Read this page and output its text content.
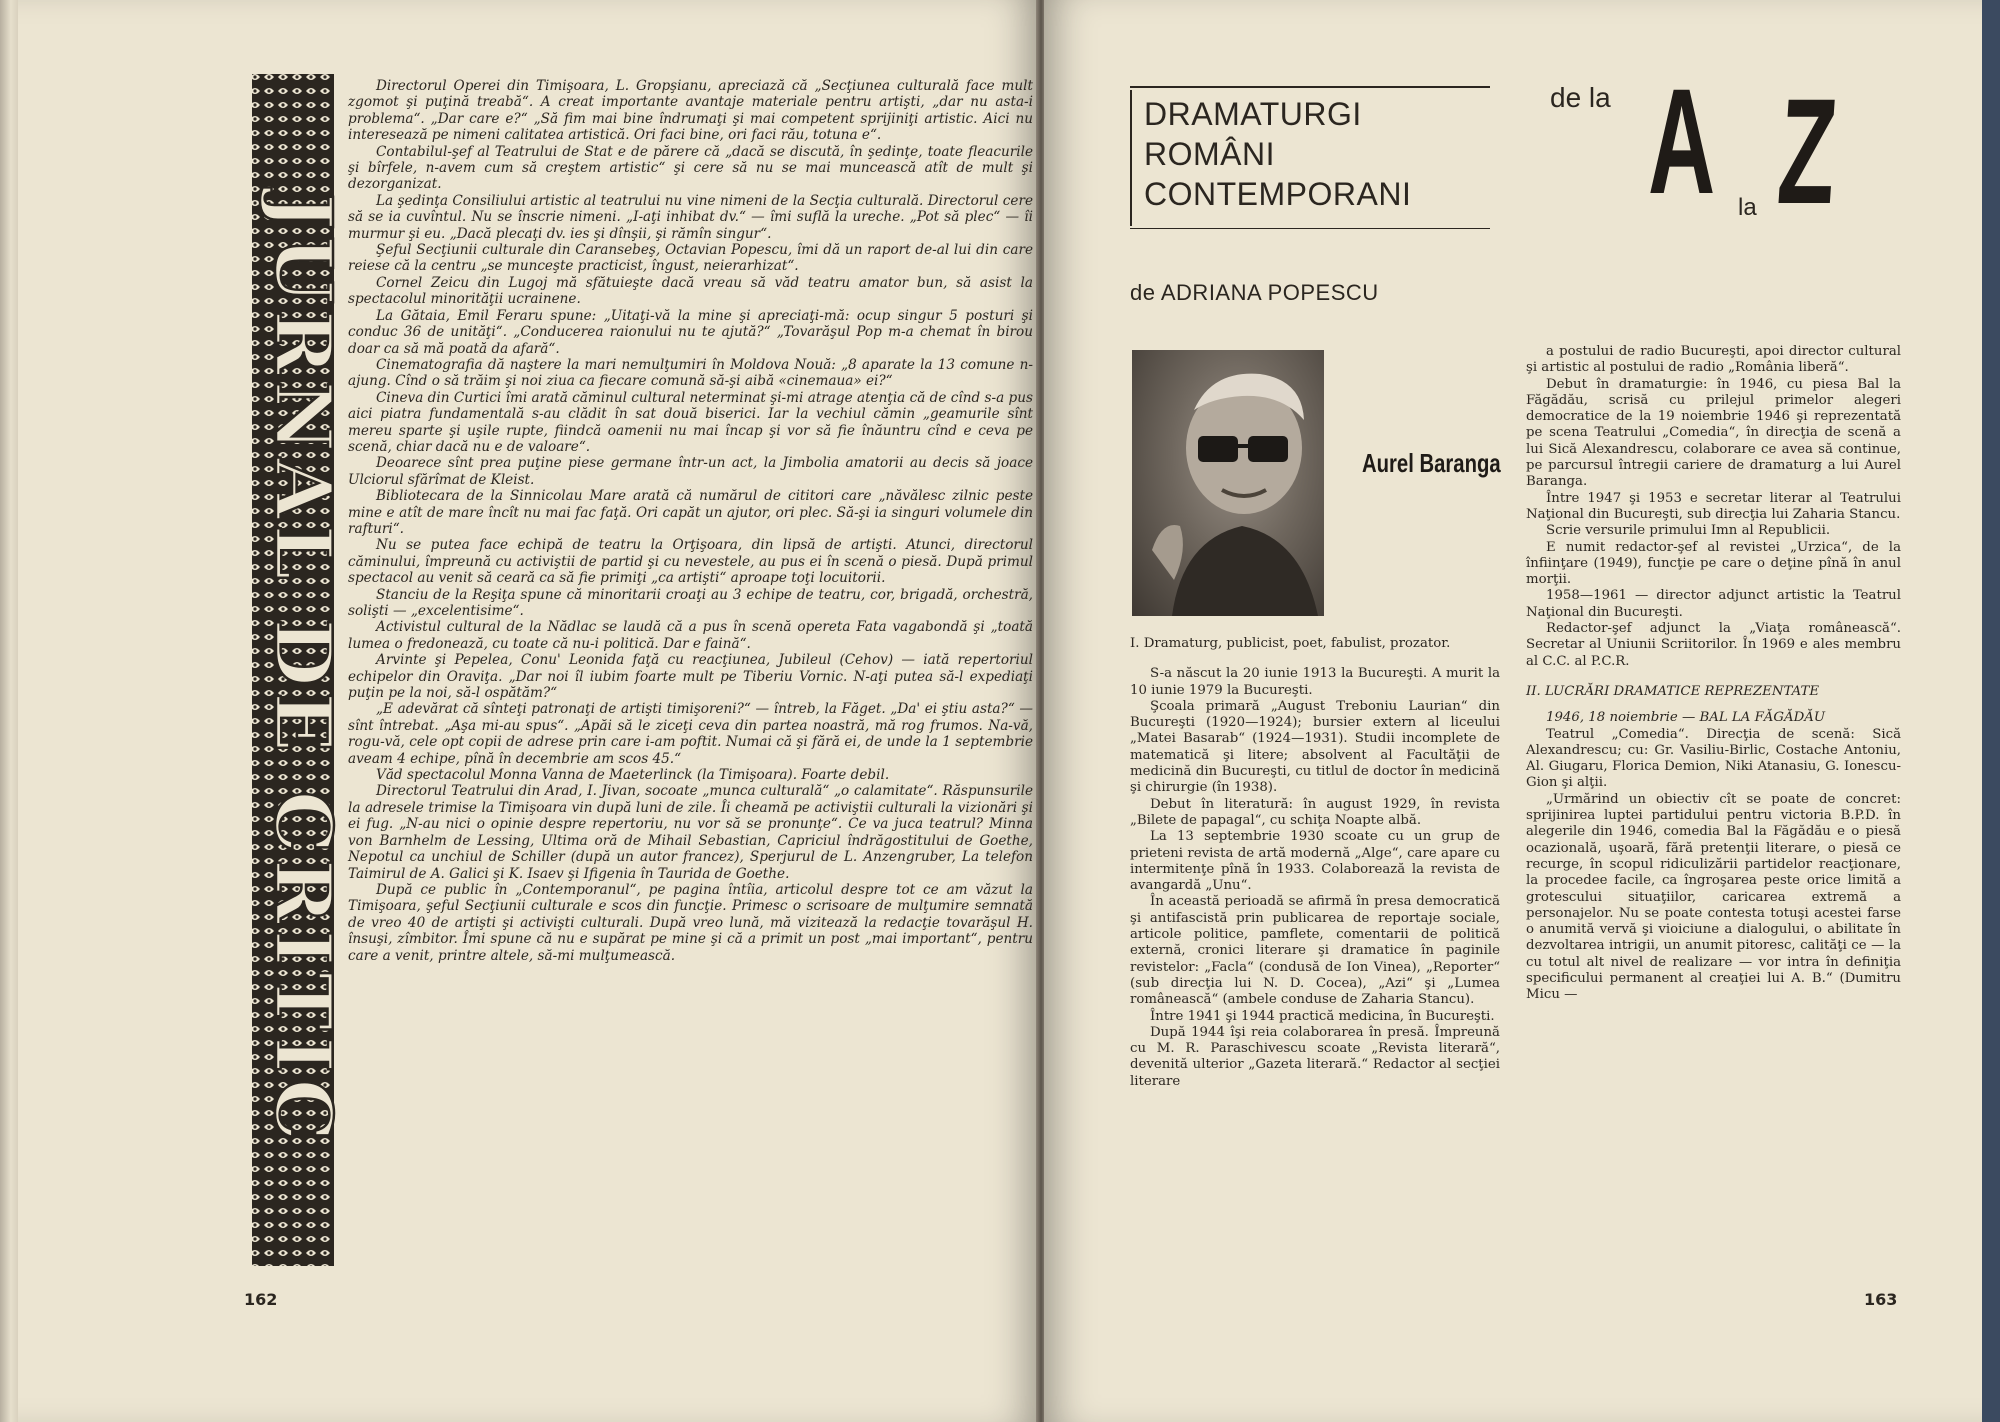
JURNAL DE CRITIC

Directorul Operei din Timişoara, L. Gropşianu, apreciază că „Secţiunea culturală face mult zgomot şi puţină treabă“. A creat importante avantaje materiale pentru artişti, „dar nu asta-i problema“. „Dar care e?“ „Să fim mai bine îndrumaţi şi mai competent sprijiniţi artistic. Aici nu interesează pe nimeni calitatea artistică. Ori faci bine, ori faci rău, totuna e“.

Contabilul-şef al Teatrului de Stat e de părere că „dacă se discută, în şedinţe, toate fleacurile şi bîrfele, n-avem cum să creştem artistic“ şi cere să nu se mai muncească atît de mult şi dezorganizat.

La şedinţa Consiliului artistic al teatrului nu vine nimeni de la Secţia culturală. Directorul cere să se ia cuvîntul. Nu se înscrie nimeni. „I-aţi inhibat dv.“ — îmi suflă la ureche. „Pot să plec“ — îi murmur şi eu. „Dacă plecaţi dv. ies şi dînşii, şi rămîn singur“.

Şeful Secţiunii culturale din Caransebeş, Octavian Popescu, îmi dă un raport de-al lui din care reiese că la centru „se munceşte practicist, îngust, neierarhizat“.

Cornel Zeicu din Lugoj mă sfătuieşte dacă vreau să văd teatru amator bun, să asist la spectacolul minorităţii ucrainene.

La Gătaia, Emil Feraru spune: „Uitaţi-vă la mine şi apreciaţi-mă: ocup singur 5 posturi şi conduc 36 de unităţi“. „Conducerea raionului nu te ajută?“ „Tovarăşul Pop m-a chemat în birou doar ca să mă poată da afară“.

Cinematografia dă naştere la mari nemulţumiri în Moldova Nouă: „8 aparate la 13 comune n-ajung. Cînd o să trăim şi noi ziua ca fiecare comună să-şi aibă «cinemaua» ei?“

Cineva din Curtici îmi arată căminul cultural neterminat şi-mi atrage atenţia că de cînd s-a pus aici piatra fundamentală s-au clădit în sat două biserici. Iar la vechiul cămin „geamurile sînt mereu sparte şi uşile rupte, fiindcă oamenii nu mai încap şi vor să fie înăuntru cînd e ceva pe scenă, chiar dacă nu e de valoare“.

Deoarece sînt prea puţine piese germane într-un act, la Jimbolia amatorii au decis să joace Ulciorul sfărîmat de Kleist.

Bibliotecara de la Sinnicolau Mare arată că numărul de cititori care „năvălesc zilnic peste mine e atît de mare încît nu mai fac faţă. Ori capăt un ajutor, ori plec. Să-şi ia singuri volumele din rafturi“.

Nu se putea face echipă de teatru la Orţişoara, din lipsă de artişti. Atunci, directorul căminului, împreună cu activiştii de partid şi cu nevestele, au pus ei în scenă o piesă. După primul spectacol au venit să ceară ca să fie primiţi „ca artişti“ aproape toţi locuitorii.

Stanciu de la Reşiţa spune că minoritarii croaţi au 3 echipe de teatru, cor, brigadă, orchestră, solişti — „excelentisime“.

Activistul cultural de la Nădlac se laudă că a pus în scenă opereta Fata vagabondă şi „toată lumea o fredonează, cu toate că nu-i politică. Dar e faină“.

Arvinte şi Pepelea, Conu' Leonida faţă cu reacţiunea, Jubileul (Cehov) — iată repertoriul echipelor din Oraviţa. „Dar noi îl iubim foarte mult pe Tiberiu Vornic. N-aţi putea să-l expediaţi puţin pe la noi, să-l ospătăm?“

„E adevărat că sînteţi patronaţi de artişti timişoreni?“ — întreb, la Făget. „Da' ei ştiu asta?“ — sînt întrebat. „Aşa mi-au spus“. „Apăi să le ziceţi ceva din partea noastră, mă rog frumos. Na-vă, rogu-vă, cele opt copii de adrese prin care i-am poftit. Numai că şi fără ei, de unde la 1 septembrie aveam 4 echipe, pînă în decembrie am scos 45.“

Văd spectacolul Monna Vanna de Maeterlinck (la Timişoara). Foarte debil.

Directorul Teatrului din Arad, I. Jivan, socoate „munca culturală“ „o calamitate“. Răspunsurile la adresele trimise la Timişoara vin după luni de zile. Îi cheamă pe activiştii culturali la vizionări şi ei fug. „N-au nici o opinie despre repertoriu, nu vor să se pronunţe“. Ce va juca teatrul? Minna von Barnhelm de Lessing, Ultima oră de Mihail Sebastian, Capriciul îndrăgostitului de Goethe, Nepotul ca unchiul de Schiller (după un autor francez), Sperjurul de L. Anzengruber, La telefon Taimirul de A. Galici şi K. Isaev şi Ifigenia în Taurida de Goethe.

După ce public în „Contemporanul“, pe pagina întîia, articolul despre tot ce am văzut la Timişoara, şeful Secţiunii culturale e scos din funcţie. Primesc o scrisoare de mulţumire semnată de vreo 40 de artişti şi activişti culturali. După vreo lună, mă vizitează la redacţie tovarăşul H. însuşi, zîmbitor. Îmi spune că nu e supărat pe mine şi că a primit un post „mai important“, pentru care a venit, printre altele, să-mi mulţumească.

162
DRAMATURGI
ROMÂNI
CONTEMPORANI
de la A la Z
de ADRIANA POPESCU
Aurel Baranga

I. Dramaturg, publicist, poet, fabulist, prozator.

S-a născut la 20 iunie 1913 la Bucureşti. A murit la 10 iunie 1979 la Bucureşti.

Şcoala primară „August Treboniu Laurian“ din Bucureşti (1920—1924); bursier extern al liceului „Matei Basarab“ (1924—1931). Studii incomplete de matematică şi litere; absolvent al Facultăţii de medicină din Bucureşti, cu titlul de doctor în medicină şi chirurgie (în 1938).

Debut în literatură: în august 1929, în revista „Bilete de papagal“, cu schiţa Noapte albă.

La 13 septembrie 1930 scoate cu un grup de prieteni revista de artă modernă „Alge“, care apare cu intermitenţe pînă în 1933. Colaborează la revista de avangardă „Unu“.

În această perioadă se afirmă în presa democratică şi antifascistă prin publicarea de reportaje sociale, articole politice, pamflete, comentarii de politică externă, cronici literare şi dramatice în paginile revistelor: „Facla“ (condusă de Ion Vinea), „Reporter“ (sub direcţia lui N. D. Cocea), „Azi“ şi „Lumea românească“ (ambele conduse de Zaharia Stancu).

Între 1941 şi 1944 practică medicina, în Bucureşti.

După 1944 îşi reia colaborarea în presă. Împreună cu M. R. Paraschivescu scoate „Revista literară“, devenită ulterior „Gazeta literară.“ Redactor al secţiei literare

a postului de radio Bucureşti, apoi director cultural şi artistic al postului de radio „România liberă“.

Debut în dramaturgie: în 1946, cu piesa Bal la Făgădău, scrisă cu prilejul primelor alegeri democratice de la 19 noiembrie 1946 şi reprezentată pe scena Teatrului „Comedia“, în direcţia de scenă a lui Sică Alexandrescu, colaborare ce avea să continue, pe parcursul întregii cariere de dramaturg a lui Aurel Baranga.

Între 1947 şi 1953 e secretar literar al Teatrului Naţional din Bucureşti, sub direcţia lui Zaharia Stancu.

Scrie versurile primului Imn al Republicii.

E numit redactor-şef al revistei „Urzica“, de la înfiinţare (1949), funcţie pe care o deţine pînă în anul morţii.

1958—1961 — director adjunct artistic la Teatrul Naţional din Bucureşti.

Redactor-şef adjunct la „Viaţa românească“. Secretar al Uniunii Scriitorilor. În 1969 e ales membru al C.C. al P.C.R.

II. LUCRĂRI DRAMATICE REPREZENTATE

1946, 18 noiembrie — BAL LA FĂGĂDĂU

Teatrul „Comedia“. Direcţia de scenă: Sică Alexandrescu; cu: Gr. Vasiliu-Birlic, Costache Antoniu, Al. Giugaru, Florica Demion, Niki Atanasiu, G. Ionescu-Gion şi alţii.

„Urmărind un obiectiv cît se poate de concret: sprijinirea luptei partidului pentru victoria B.P.D. în alegerile din 1946, comedia Bal la Făgădău e o piesă ocazională, uşoară, fără pretenţii literare, o piesă ce recurge, în scopul ridiculizării partidelor reacţionare, la procedee facile, ca îngroşarea peste orice limită a grotescului situaţiilor, caricarea extremă a personajelor. Nu se poate contesta totuşi acestei farse o anumită vervă şi vioiciune a dialogului, o abilitate în dezvoltarea intrigii, un anumit pitoresc, calităţi ce — la cu totul alt nivel de realizare — vor intra în definiţia specificului permanent al creaţiei lui A. B.“ (Dumitru Micu —

163
